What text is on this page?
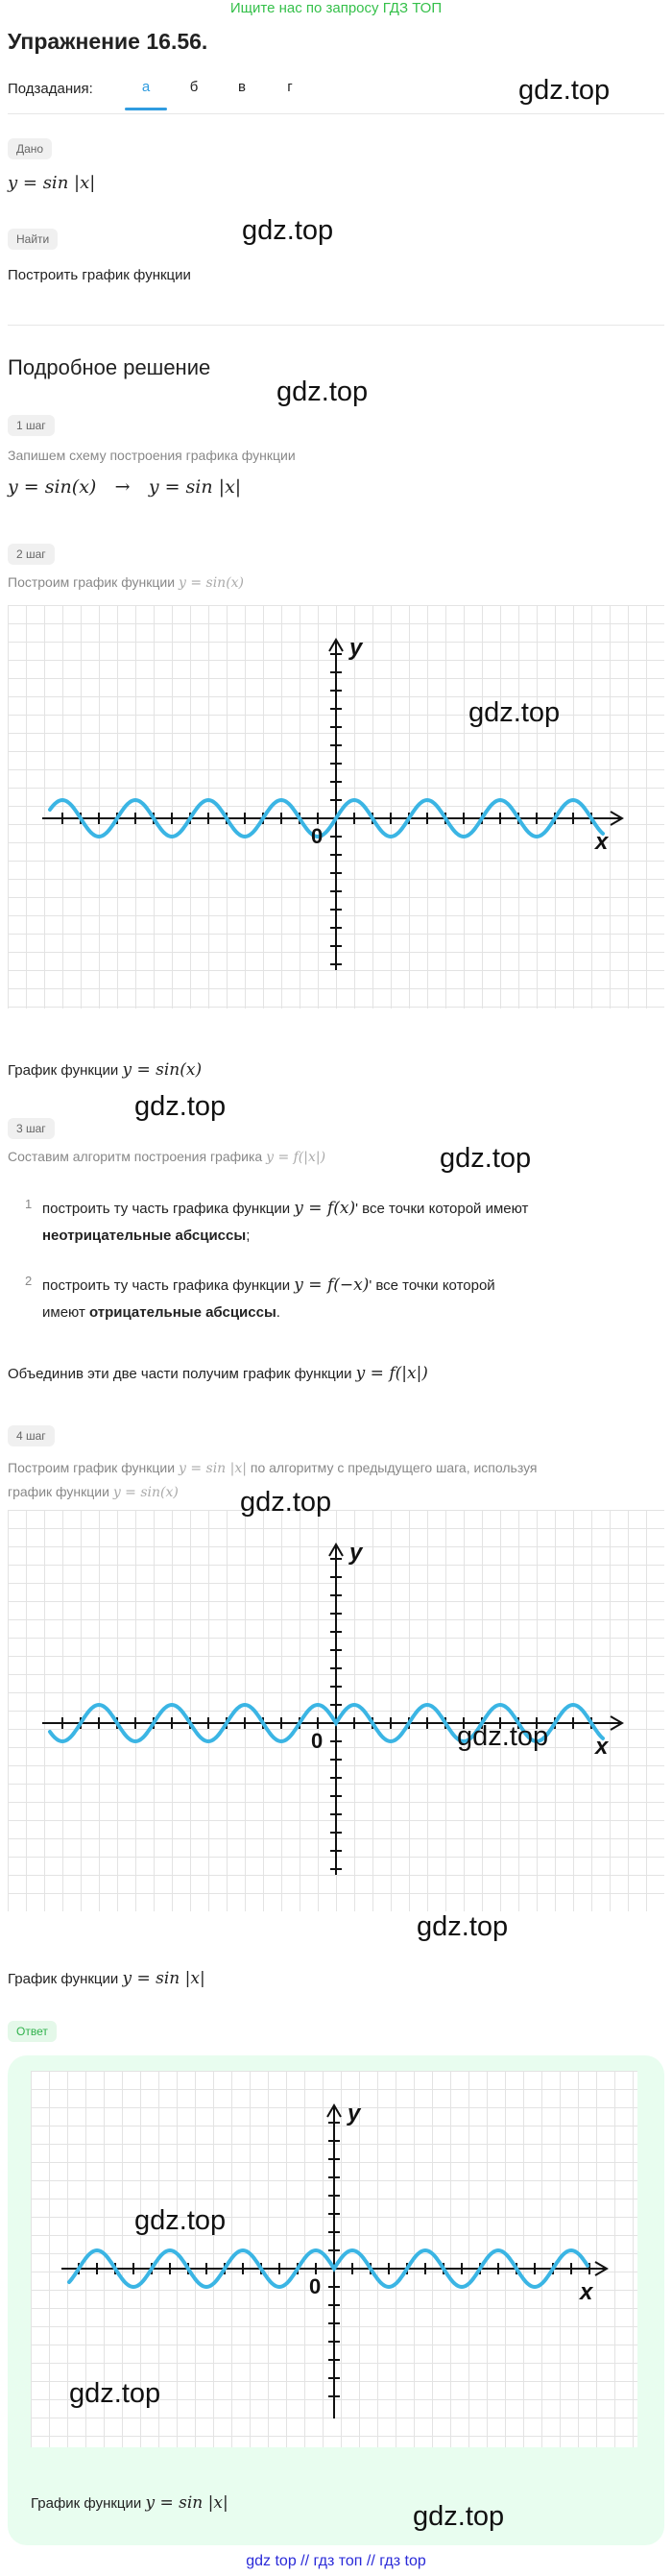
Ищите нас по запросу ГДЗ ТОП
Упражнение 16.56.
Подзадания:	а	б	в	г
Дано
y = sin |x|
Найти
Построить график функции
Подробное решение
1 шаг
Запишем схему построения графика функции
y = sin(x) → y = sin |x|
2 шаг
Построим график функции y = sin(x)
y
x
0
График функции y = sin(x)
3 шаг
Составим алгоритм построения графика y = f(|x|)
1 построить ту часть графика функции y = f(x)' все точки которой имеют
неотрицательные абсциссы;
2 построить ту часть графика функции y = f(−x)' все точки которой
имеют отрицательные абсциссы.
Объединив эти две части получим график функции y = f(|x|)
4 шаг
Построим график функции y = sin |x| по алгоритму с предыдущего шага, используя
график функции y = sin(x)
y
x
0
График функции y = sin |x|
Ответ
y
x
0
График функции y = sin |x|
gdz.top
gdz.top
gdz.top
gdz.top
gdz.top
gdz.top
gdz.top
gdz.top
gdz.top
gdz.top
gdz.top
gdz.top
gdz top // гдз топ // гдз top
